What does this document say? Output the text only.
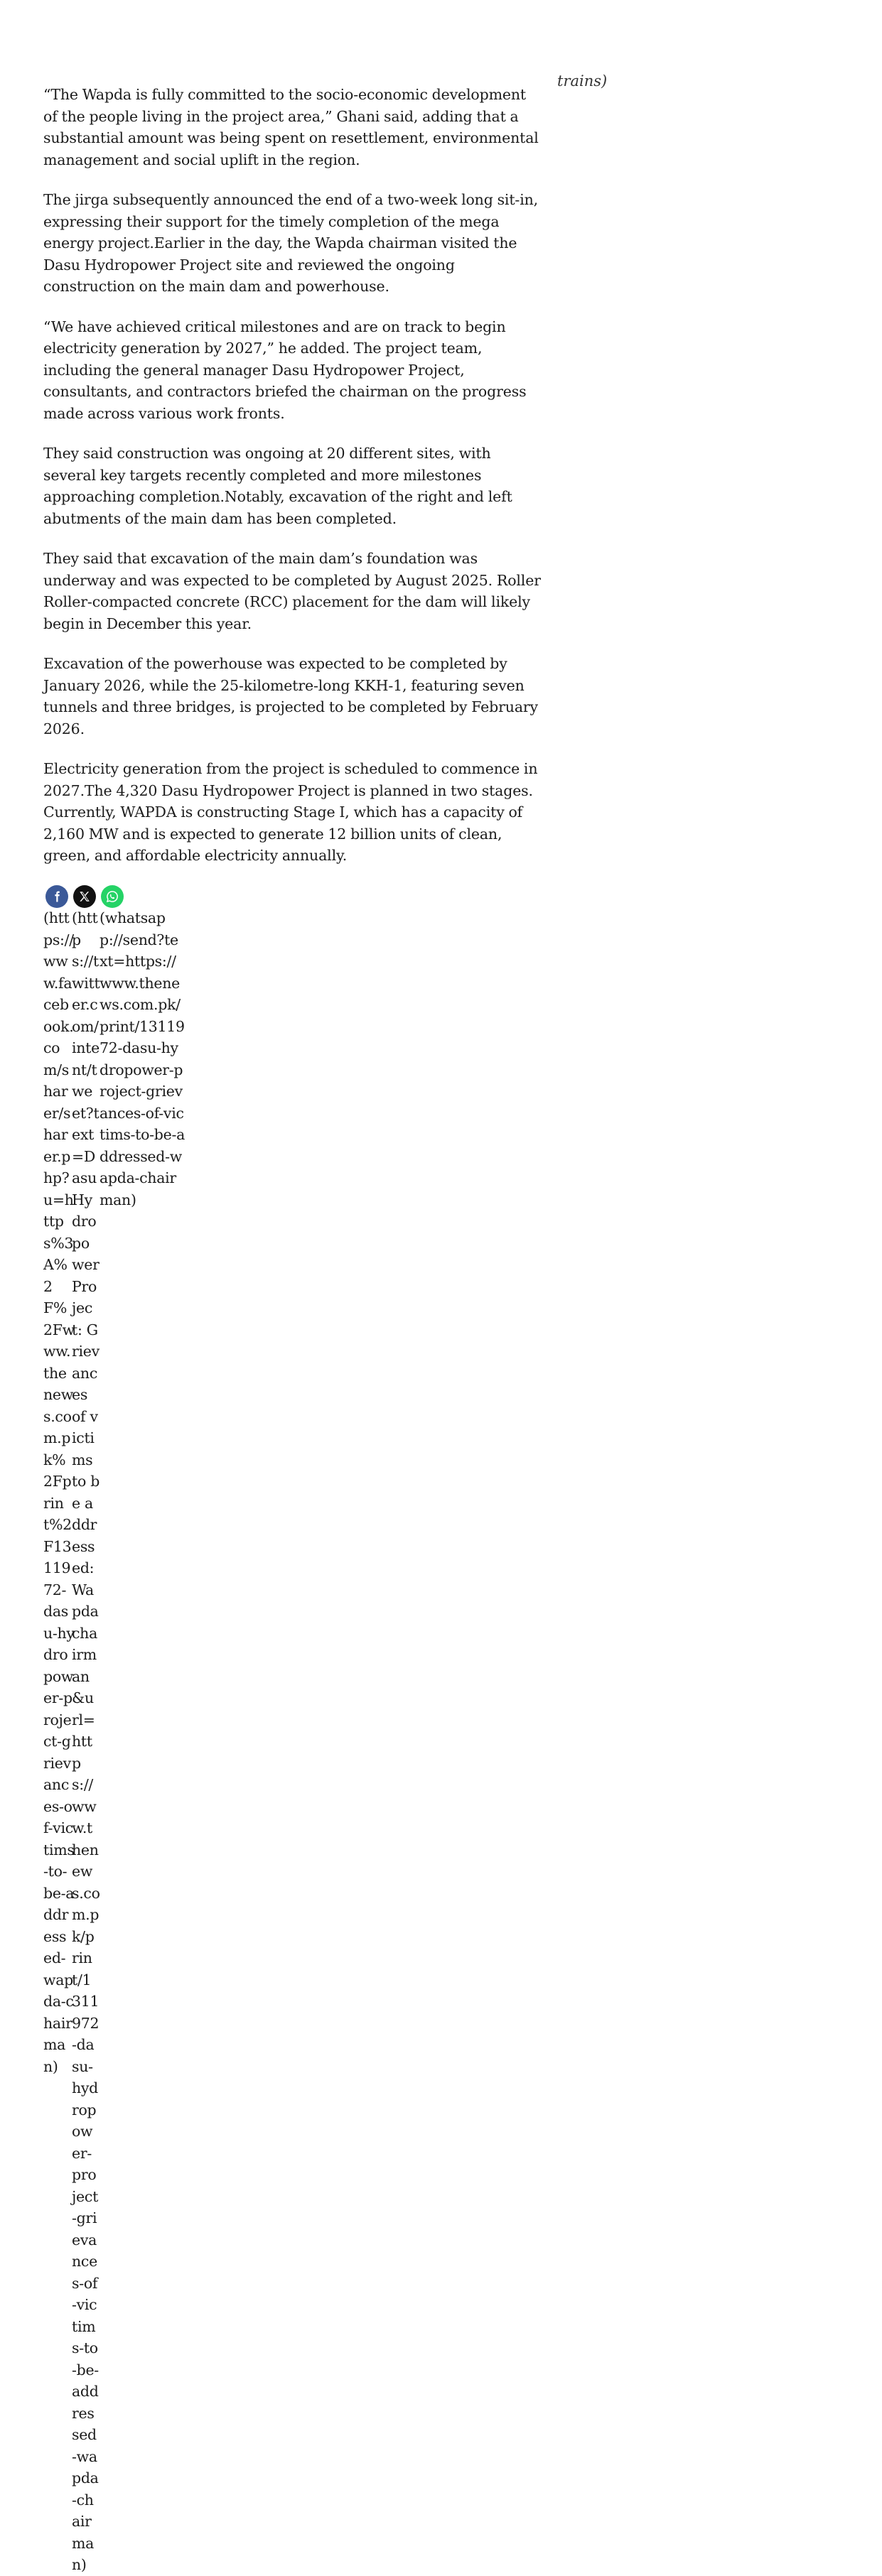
trains)

“The Wapda is fully committed to the socio-economic development of the people living in the project area,” Ghani said, adding that a substantial amount was being spent on resettlement, environmental management and social uplift in the region.

The jirga subsequently announced the end of a two-week long sit-in, expressing their support for the timely completion of the mega energy project.Earlier in the day, the Wapda chairman visited the Dasu Hydropower Project site and reviewed the ongoing construction on the main dam and powerhouse.

“We have achieved critical milestones and are on track to begin electricity generation by 2027,” he added. The project team, including the general manager Dasu Hydropower Project, consultants, and contractors briefed the chairman on the progress made across various work fronts.

They said construction was ongoing at 20 different sites, with several key targets recently completed and more milestones approaching completion.Notably, excavation of the right and left abutments of the main dam has been completed.

They said that excavation of the main dam’s foundation was underway and was expected to be completed by August 2025. Roller Roller-compacted concrete (RCC) placement for the dam will likely begin in December this year.

Excavation of the powerhouse was expected to be completed by January 2026, while the 25-kilometre-long KKH-1, featuring seven tunnels and three bridges, is projected to be completed by February 2026.

Electricity generation from the project is scheduled to commence in 2027.The 4,320 Dasu Hydropower Project is planned in two stages. Currently, WAPDA is constructing Stage I, which has a capacity of 2,160 MW and is expected to generate 12 billion units of clean, green, and affordable electricity annually.

(https://www.facebook.com/sharer/sharer.php?u=https%3A%2F%2Fwww.thenews.com.pk%2Fprint%2F1311972-dasu-hydropower-project-grievances-of-victims-to-be-addressed-wapda-chairman)
(https://twitter.com/intent/tweet?text=Dasu Hydropower Project: Grievances of victims to be addressed: Wapda chairman&url=https://www.thenews.com.pk/print/1311972-dasu-hydropower-project-grievances-of-victims-to-be-addressed-wapda-chairman)
(whatsapp://send?text=https://www.thenews.com.pk/print/1311972-dasu-hydropower-project-grievances-of-victims-to-be-addressed-wapda-chairman)
